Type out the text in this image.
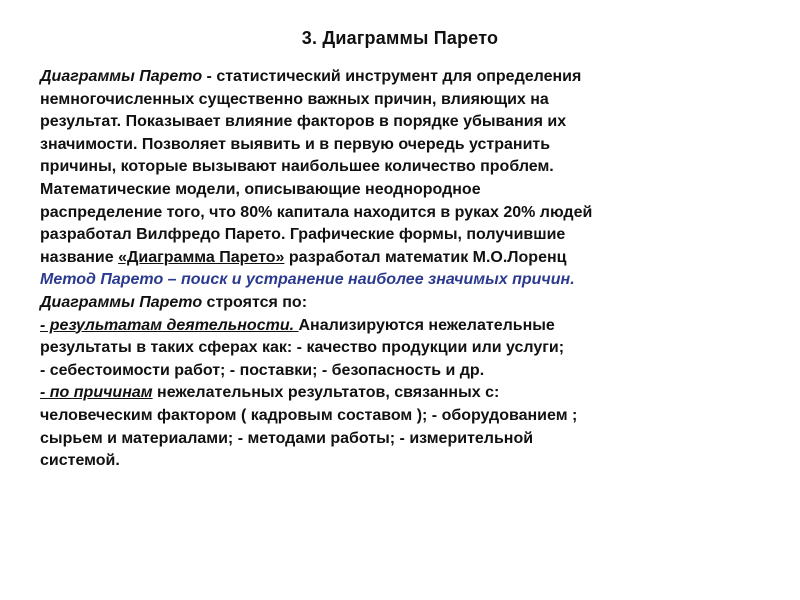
3. Диаграммы Парето
Диаграммы Парето - статистический инструмент для определения
немногочисленных существенно важных причин, влияющих на
результат. Показывает влияние факторов в порядке убывания их
значимости. Позволяет выявить и в первую очередь устранить
причины, которые вызывают наибольшее количество проблем.
Математические модели, описывающие неоднородное
распределение того, что 80% капитала находится в руках 20% людей
разработал Вилфредо Парето. Графические формы, получившие
название «Диаграмма Парето» разработал математик М.О.Лоренц
Метод Парето – поиск и устранение наиболее значимых причин.
Диаграммы Парето строятся по:
- результатам деятельности. Анализируются нежелательные
результаты в таких сферах как: - качество продукции или услуги;
- себестоимости работ; - поставки; - безопасность и др.
- по причинам нежелательных результатов, связанных с:
человеческим фактором ( кадровым составом ); - оборудованием ;
сырьем и материалами; - методами работы; - измерительной
системой.
